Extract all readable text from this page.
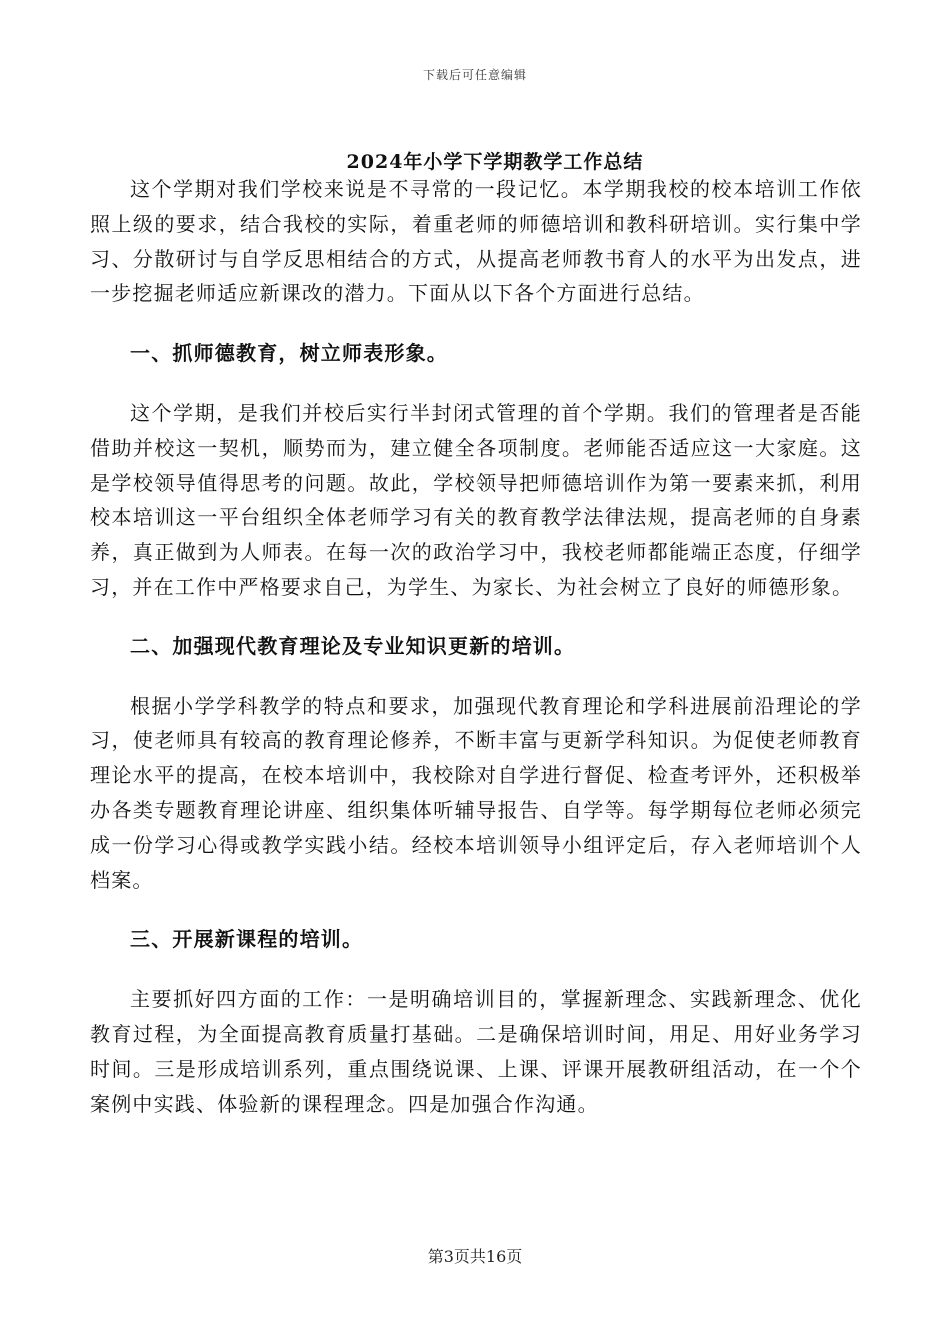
下载后可任意编辑
2024年小学下学期教学工作总结

这个学期对我们学校来说是不寻常的一段记忆。本学期我校的校本培训工作依照上级的要求，结合我校的实际，着重老师的师德培训和教科研培训。实行集中学习、分散研讨与自学反思相结合的方式，从提高老师教书育人的水平为出发点，进一步挖掘老师适应新课改的潜力。下面从以下各个方面进行总结。

一、抓师德教育，树立师表形象。

这个学期，是我们并校后实行半封闭式管理的首个学期。我们的管理者是否能借助并校这一契机，顺势而为，建立健全各项制度。老师能否适应这一大家庭。这是学校领导值得思考的问题。故此，学校领导把师德培训作为第一要素来抓，利用校本培训这一平台组织全体老师学习有关的教育教学法律法规，提高老师的自身素养，真正做到为人师表。在每一次的政治学习中，我校老师都能端正态度，仔细学习，并在工作中严格要求自己，为学生、为家长、为社会树立了良好的师德形象。

二、加强现代教育理论及专业知识更新的培训。

根据小学学科教学的特点和要求，加强现代教育理论和学科进展前沿理论的学习，使老师具有较高的教育理论修养，不断丰富与更新学科知识。为促使老师教育理论水平的提高，在校本培训中，我校除对自学进行督促、检查考评外，还积极举办各类专题教育理论讲座、组织集体听辅导报告、自学等。每学期每位老师必须完成一份学习心得或教学实践小结。经校本培训领导小组评定后，存入老师培训个人档案。

三、开展新课程的培训。

主要抓好四方面的工作：一是明确培训目的，掌握新理念、实践新理念、优化教育过程，为全面提高教育质量打基础。二是确保培训时间，用足、用好业务学习时间。三是形成培训系列，重点围绕说课、上课、评课开展教研组活动，在一个个案例中实践、体验新的课程理念。四是加强合作沟通。

第3页共16页
